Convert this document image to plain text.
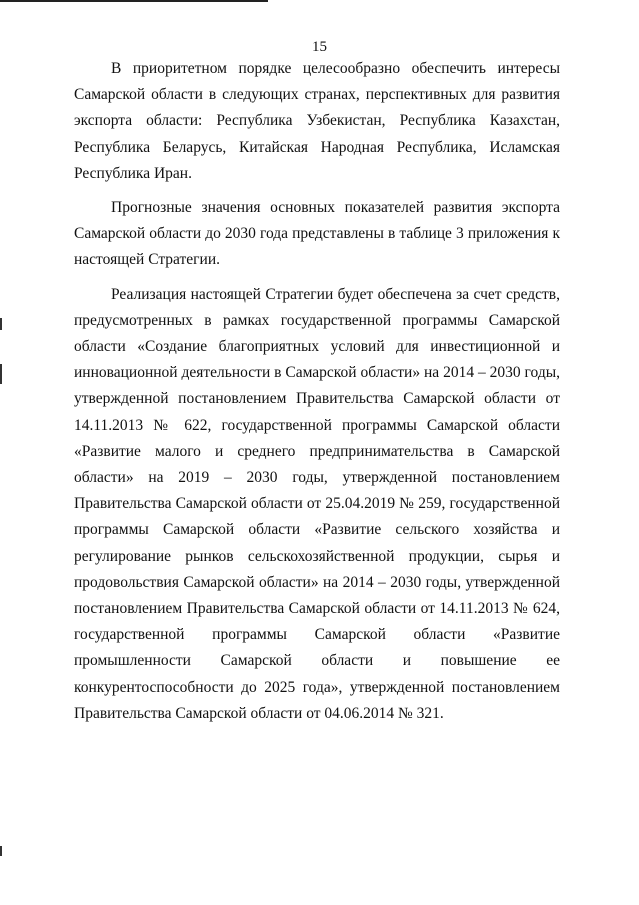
15

В приоритетном порядке целесообразно обеспечить интересы Самарской области в следующих странах, перспективных для развития экспорта области: Республика Узбекистан, Республика Казахстан, Республика Беларусь, Китайская Народная Республика, Исламская Республика Иран.

Прогнозные значения основных показателей развития экспорта Самарской области до 2030 года представлены в таблице 3 приложения к настоящей Стратегии.

Реализация настоящей Стратегии будет обеспечена за счет средств, предусмотренных в рамках государственной программы Самарской области «Создание благоприятных условий для инвестиционной и инновационной деятельности в Самарской области» на 2014 – 2030 годы, утвержденной постановлением Правительства Самарской области от 14.11.2013 № 622, государственной программы Самарской области «Развитие малого и среднего предпринимательства в Самарской области» на 2019 – 2030 годы, утвержденной постановлением Правительства Самарской области от 25.04.2019 № 259, государственной программы Самарской области «Развитие сельского хозяйства и регулирование рынков сельскохозяйственной продукции, сырья и продовольствия Самарской области» на 2014 – 2030 годы, утвержденной постановлением Правительства Самарской области от 14.11.2013 № 624, государственной программы Самарской области «Развитие промышленности Самарской области и повышение ее конкурентоспособности до 2025 года», утвержденной постановлением Правительства Самарской области от 04.06.2014 № 321.
